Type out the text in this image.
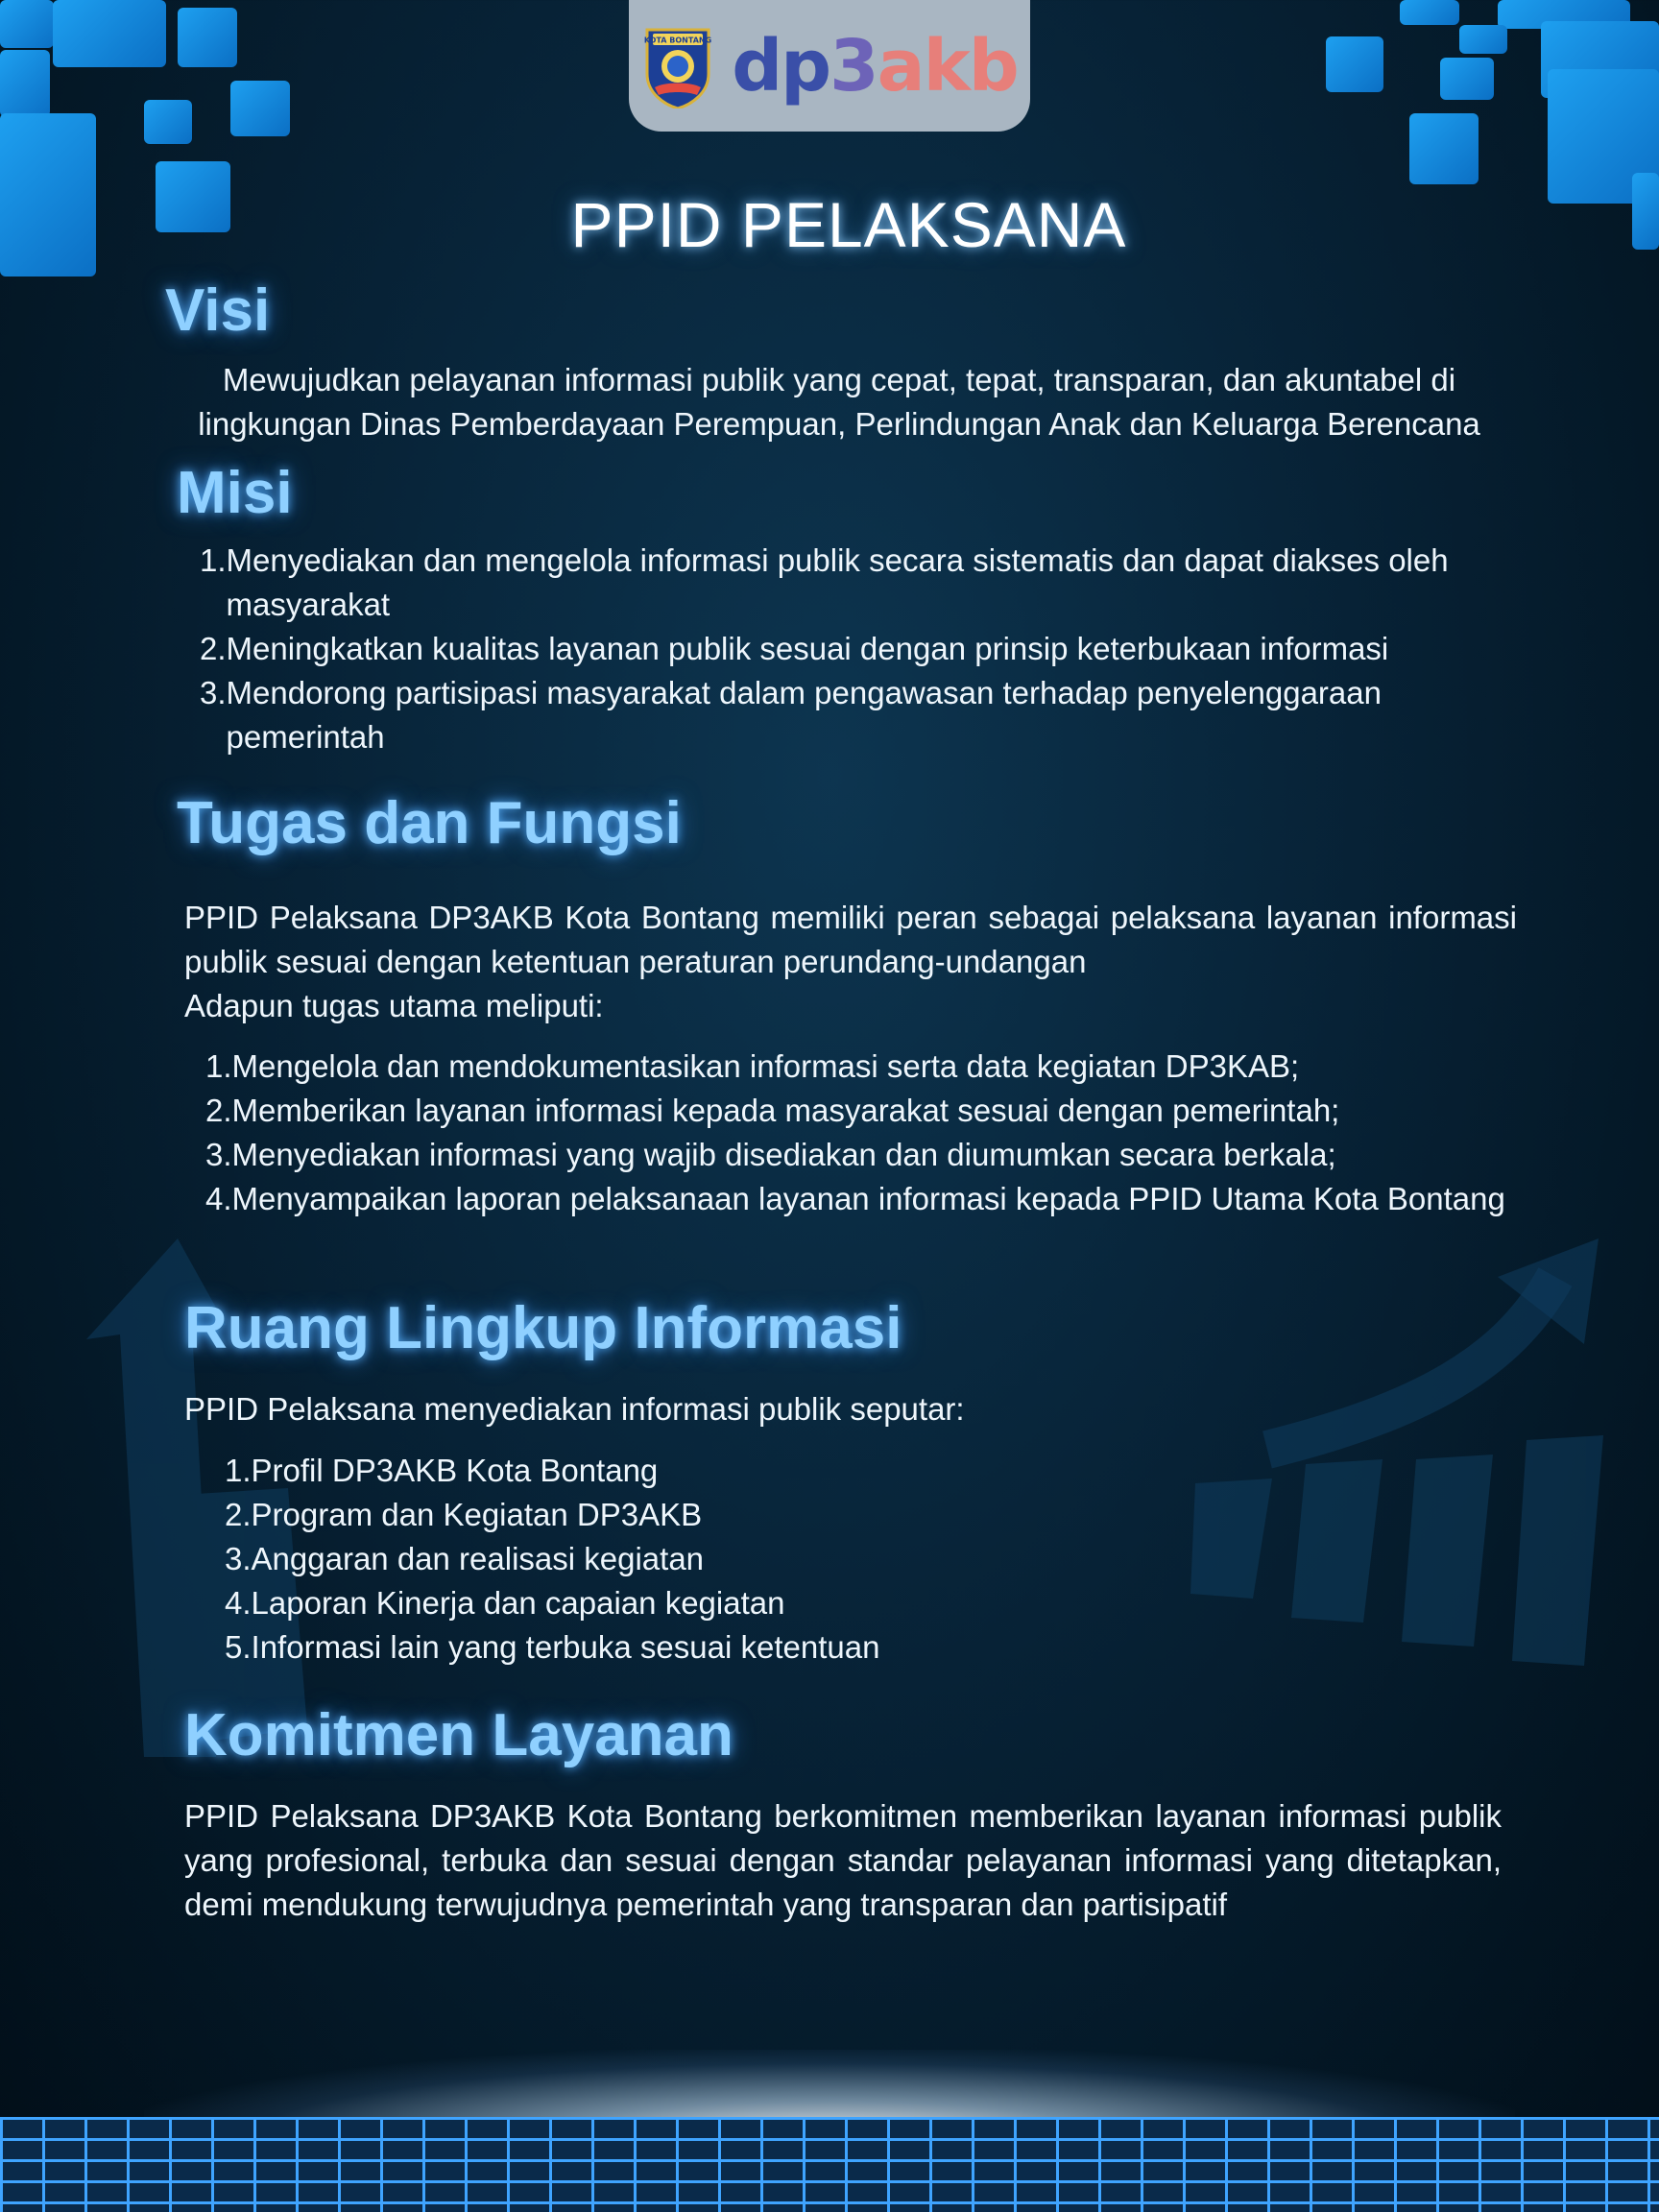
KOTA BONTANG dp3akb
PPID PELAKSANA
Visi
Mewujudkan pelayanan informasi publik yang cepat, tepat, transparan, dan akuntabel di lingkungan Dinas Pemberdayaan Perempuan, Perlindungan Anak dan Keluarga Berencana
Misi
1. Menyediakan dan mengelola informasi publik secara sistematis dan dapat diakses oleh masyarakat
2. Meningkatkan kualitas layanan publik sesuai dengan prinsip keterbukaan informasi
3. Mendorong partisipasi masyarakat dalam pengawasan terhadap penyelenggaraan pemerintah
Tugas dan Fungsi
PPID Pelaksana DP3AKB Kota Bontang memiliki peran sebagai pelaksana layanan informasi publik sesuai dengan ketentuan peraturan perundang-undangan
Adapun tugas utama meliputi:
1. Mengelola dan mendokumentasikan informasi serta data kegiatan DP3KAB;
2. Memberikan layanan informasi kepada masyarakat sesuai dengan pemerintah;
3. Menyediakan informasi yang wajib disediakan dan diumumkan secara berkala;
4. Menyampaikan laporan pelaksanaan layanan informasi kepada PPID Utama Kota Bontang
Ruang Lingkup Informasi
PPID Pelaksana menyediakan informasi publik seputar:
1. Profil DP3AKB Kota Bontang
2. Program dan Kegiatan DP3AKB
3. Anggaran dan realisasi kegiatan
4. Laporan Kinerja dan capaian kegiatan
5. Informasi lain yang terbuka sesuai ketentuan
Komitmen Layanan
PPID Pelaksana DP3AKB Kota Bontang berkomitmen memberikan layanan informasi publik yang profesional, terbuka dan sesuai dengan standar pelayanan informasi yang ditetapkan, demi mendukung terwujudnya pemerintah yang transparan dan partisipatif
